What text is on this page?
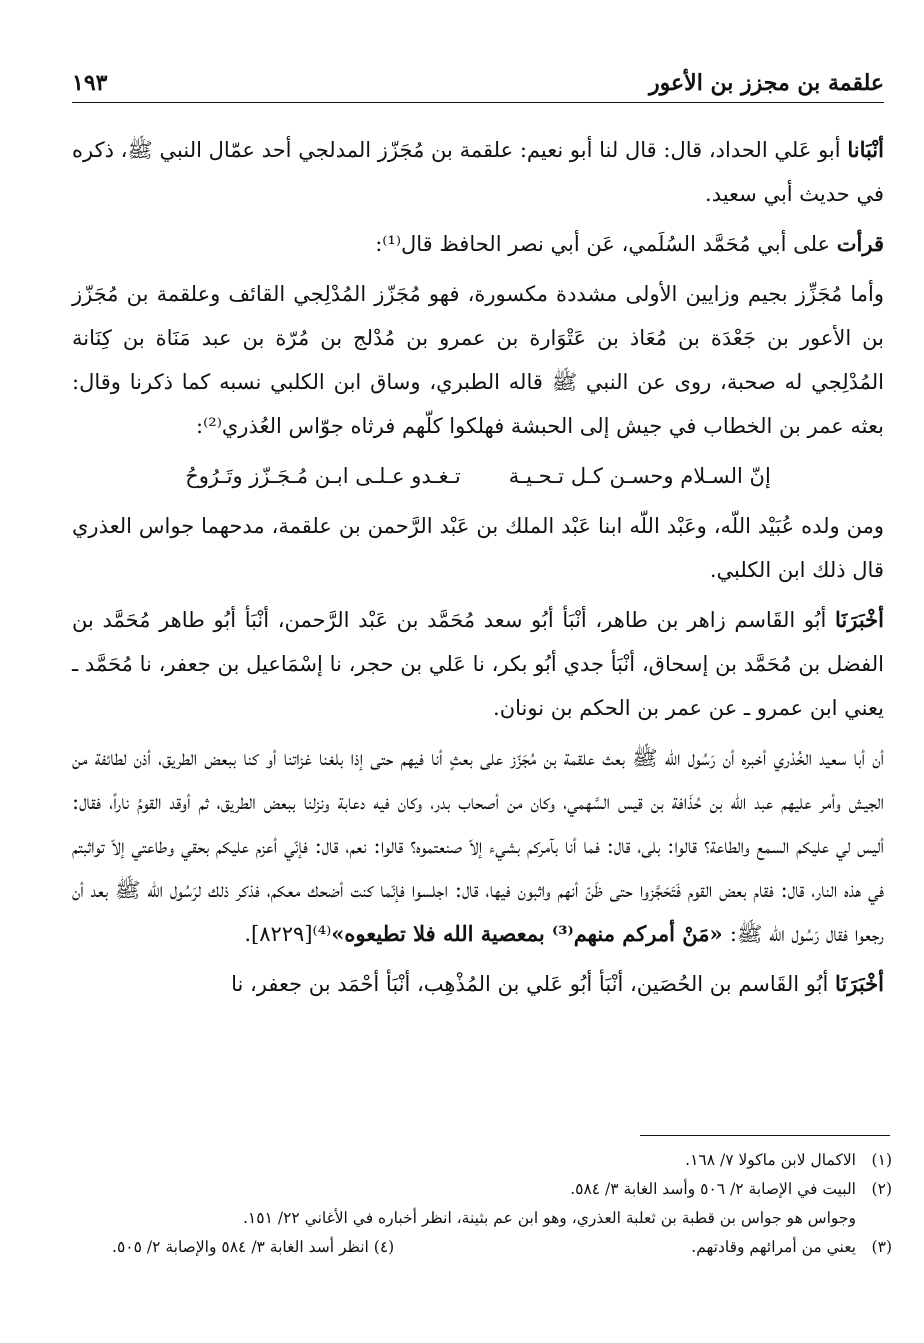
علقمة بن مجزز بن الأعور
١٩٣

أنْبَانا أبو عَلي الحداد، قال: قال لنا أبو نعيم: علقمة بن مُجَزّز المدلجي أحد عمّال النبي ﷺ، ذكره في حديث أبي سعيد.

قرأت على أبي مُحَمَّد السُلَمي، عَن أبي نصر الحافظ قال⁽¹⁾:

وأما مُجَزِّز بجيم وزايين الأولى مشددة مكسورة، فهو مُجَزّز المُدْلِجي القائف وعلقمة بن مُجَزّز بن الأعور بن جَعْدَة بن مُعَاذ بن عَتْوَارة بن عمرو بن مُدْلج بن مُرّة بن عبد مَنَاة بن كِنَانة المُدْلِجي له صحبة، روى عن النبي ﷺ قاله الطبري، وساق ابن الكلبي نسبه كما ذكرنا وقال: بعثه عمر بن الخطاب في جيش إلى الحبشة فهلكوا كلّهم فرثاه جوّاس العُذري⁽²⁾:

إنّ السـلام وحسـن كـل تـحـيـة
تـغـدو عـلـى ابـن مُـجَـزّز وتَـرُوحُ

ومن ولده عُبَيْد اللّه، وعَبْد اللّه ابنا عَبْد الملك بن عَبْد الرَّحمن بن علقمة، مدحهما جواس العذري قال ذلك ابن الكلبي.

أخْبَرَنَا أبُو القَاسم زاهر بن طاهر، أنْبَأ أبُو سعد مُحَمَّد بن عَبْد الرَّحمن، أنْبَأ أبُو طاهر مُحَمَّد بن الفضل بن مُحَمَّد بن إسحاق، أنْبَأ جدي أبُو بكر، نا عَلي بن حجر، نا إسْمَاعيل بن جعفر، نا مُحَمَّد ـ يعني ابن عمرو ـ عن عمر بن الحكم بن نونان.

أن أبا سعيد الخُدْري أخبره أن رَسُول الله ﷺ بعث علقمة بن مُجَزّز على بعثٍ أنا فيهم حتى إذا بلغنا غزاتنا أو كنا ببعض الطريق، أذن لطائفة من الجيش وأمر عليهم عبد اللّه بن حُذَافة بن قيس السَّهمي، وكان من أصحاب بدر، وكان فيه دعابة ونزلنا ببعض الطريق، ثم أوقد القومُ ناراً، فقال: أليس لي عليكم السمع والطاعة؟ قالوا: بلى، قال: فما أنا بآمركم بشيء إلاّ صنعتموه؟ قالوا: نعم، قال: فإنّي أعزم عليكم بحقي وطاعتي إلاّ تواثبتم في هذه النار، قال: فقام بعض القوم فَتَحَجَّزوا حتى ظَنّ أنهم واثبون فيها، قال: اجلسوا فإنّما كنت أضحك معكم، فذكر ذلك لرَسُول الله ﷺ بعد أن رجعوا فقال رَسُول الله ﷺ: «مَنْ أمركم منهم⁽³⁾ بمعصية الله فلا تطيعوه»⁽⁴⁾[٨٢٢٩].

أخْبَرَنَا أبُو القَاسم بن الحُصَين، أنْبَأ أبُو عَلي بن المُذْهِب، أنْبَأ أحْمَد بن جعفر، نا

(١)
الاكمال لابن ماكولا ٧/ ١٦٨.
(٢)
البيت في الإصابة ٢/ ٥٠٦ وأسد الغابة ٣/ ٥٨٤.
وجواس هو جواس بن قطبة بن ثعلبة العذري، وهو ابن عم بثينة، انظر أخباره في الأغاني ٢٢/ ١٥١.
(٣)
يعني من أمرائهم وقادتهم.
(٤) انظر أسد الغابة ٣/ ٥٨٤ والإصابة ٢/ ٥٠٥.
